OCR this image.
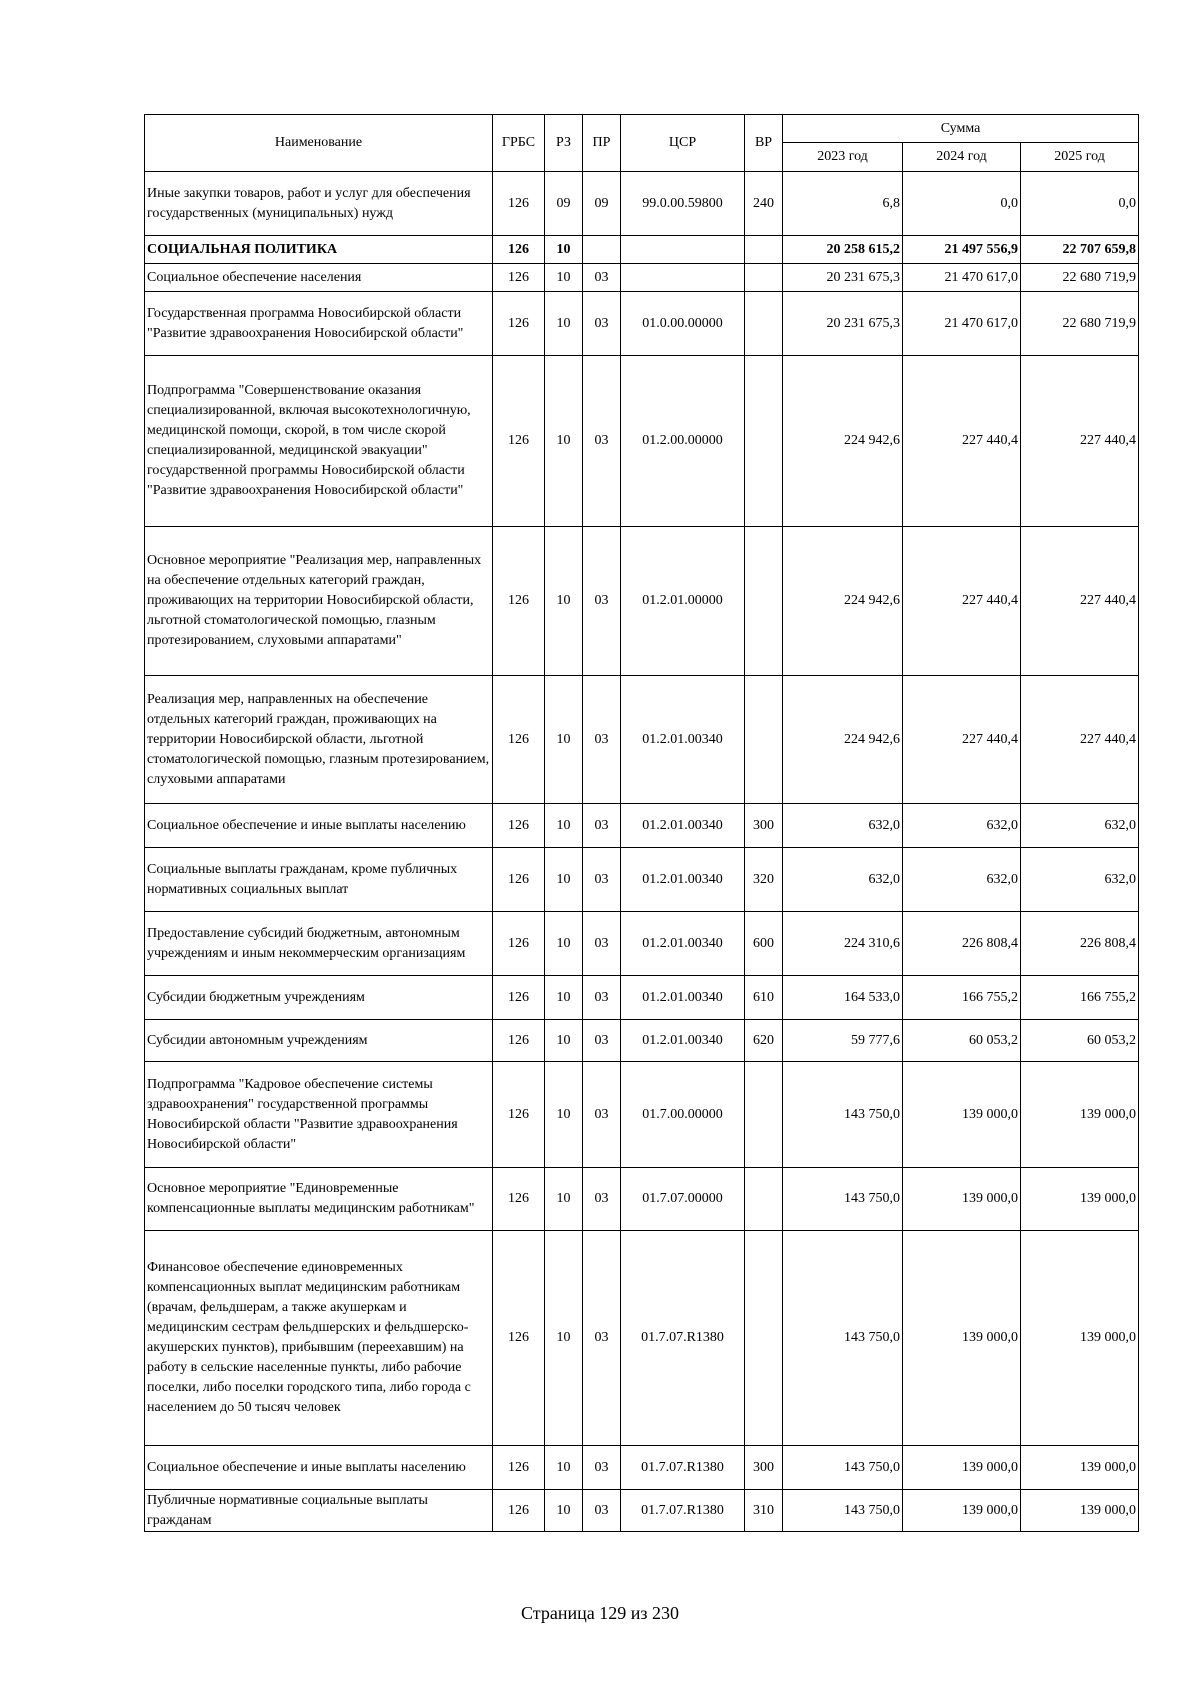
Наименование	ГРБС	РЗ	ПР	ЦСР	ВР	Сумма		
						2023 год	2024 год	2025 год
Иные закупки товаров, работ и услуг для обеспечения государственных (муниципальных) нужд	126	09	09	99.0.00.59800	240	6,8	0,0	0,0
СОЦИАЛЬНАЯ ПОЛИТИКА	126	10				20 258 615,2	21 497 556,9	22 707 659,8
Социальное обеспечение населения	126	10	03			20 231 675,3	21 470 617,0	22 680 719,9
Государственная программа Новосибирской области "Развитие здравоохранения Новосибирской области"	126	10	03	01.0.00.00000		20 231 675,3	21 470 617,0	22 680 719,9
Подпрограмма "Совершенствование оказания специализированной, включая высокотехнологичную, медицинской помощи, скорой, в том числе скорой специализированной, медицинской эвакуации" государственной программы Новосибирской области "Развитие здравоохранения Новосибирской области"	126	10	03	01.2.00.00000		224 942,6	227 440,4	227 440,4
Основное мероприятие "Реализация мер, направленных на обеспечение отдельных категорий граждан, проживающих на территории Новосибирской области, льготной стоматологической помощью, глазным протезированием, слуховыми аппаратами"	126	10	03	01.2.01.00000		224 942,6	227 440,4	227 440,4
Реализация мер, направленных на обеспечение отдельных категорий граждан, проживающих на территории Новосибирской области, льготной стоматологической помощью, глазным протезированием, слуховыми аппаратами	126	10	03	01.2.01.00340		224 942,6	227 440,4	227 440,4
Социальное обеспечение и иные выплаты населению	126	10	03	01.2.01.00340	300	632,0	632,0	632,0
Социальные выплаты гражданам, кроме публичных нормативных социальных выплат	126	10	03	01.2.01.00340	320	632,0	632,0	632,0
Предоставление субсидий бюджетным, автономным учреждениям и иным некоммерческим организациям	126	10	03	01.2.01.00340	600	224 310,6	226 808,4	226 808,4
Субсидии бюджетным учреждениям	126	10	03	01.2.01.00340	610	164 533,0	166 755,2	166 755,2
Субсидии автономным учреждениям	126	10	03	01.2.01.00340	620	59 777,6	60 053,2	60 053,2
Подпрограмма "Кадровое обеспечение системы здравоохранения" государственной программы Новосибирской области "Развитие здравоохранения Новосибирской области"	126	10	03	01.7.00.00000		143 750,0	139 000,0	139 000,0
Основное мероприятие "Единовременные компенсационные выплаты медицинским работникам"	126	10	03	01.7.07.00000		143 750,0	139 000,0	139 000,0
Финансовое обеспечение единовременных компенсационных выплат медицинским работникам (врачам, фельдшерам, а также акушеркам и медицинским сестрам фельдшерских и фельдшерско-акушерских пунктов), прибывшим (переехавшим) на работу в сельские населенные пункты, либо рабочие поселки, либо поселки городского типа, либо города с населением до 50 тысяч человек	126	10	03	01.7.07.R1380		143 750,0	139 000,0	139 000,0
Социальное обеспечение и иные выплаты населению	126	10	03	01.7.07.R1380	300	143 750,0	139 000,0	139 000,0
Публичные нормативные социальные выплаты гражданам	126	10	03	01.7.07.R1380	310	143 750,0	139 000,0	139 000,0
Страница 129 из 230
